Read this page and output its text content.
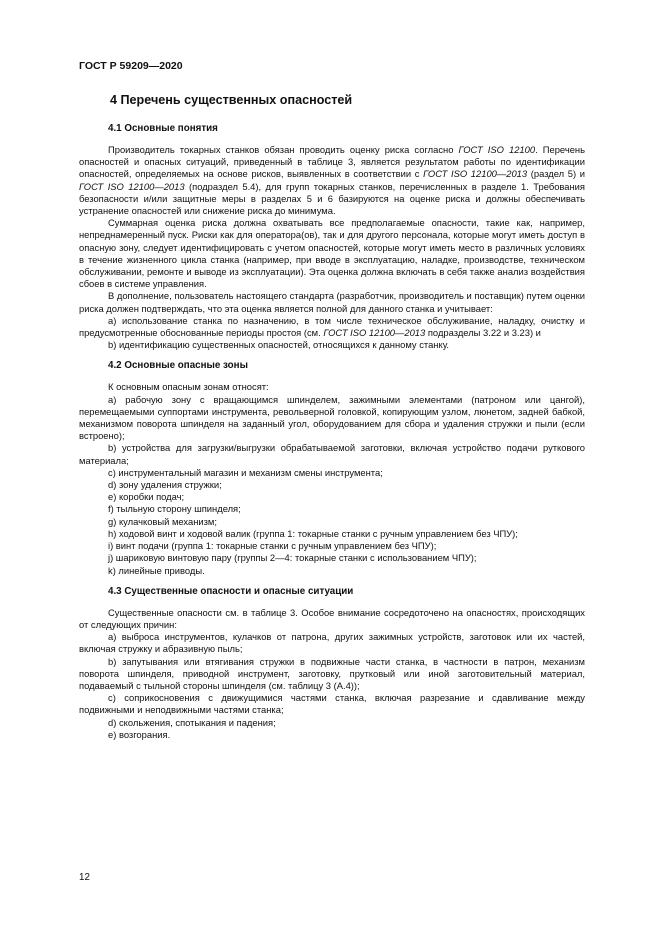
ГОСТ Р 59209—2020
4 Перечень существенных опасностей
4.1 Основные понятия

Производитель токарных станков обязан проводить оценку риска согласно ГОСТ ISO 12100. Перечень опасностей и опасных ситуаций, приведенный в таблице 3, является результатом работы по идентификации опасностей, определяемых на основе рисков, выявленных в соответствии с ГОСТ ISO 12100—2013 (раздел 5) и ГОСТ ISO 12100—2013 (подраздел 5.4), для групп токарных станков, перечисленных в разделе 1. Требования безопасности и/или защитные меры в разделах 5 и 6 базируются на оценке риска и должны обеспечивать устранение опасностей или снижение риска до минимума.

Суммарная оценка риска должна охватывать все предполагаемые опасности, такие как, например, непреднамеренный пуск. Риски как для оператора(ов), так и для другого персонала, которые могут иметь доступ в опасную зону, следует идентифицировать с учетом опасностей, которые могут иметь место в различных условиях в течение жизненного цикла станка (например, при вводе в эксплуатацию, наладке, производстве, техническом обслуживании, ремонте и выводе из эксплуатации). Эта оценка должна включать в себя также анализ воздействия сбоев в системе управления.

В дополнение, пользователь настоящего стандарта (разработчик, производитель и поставщик) путем оценки риска должен подтверждать, что эта оценка является полной для данного станка и учитывает:

a) использование станка по назначению, в том числе техническое обслуживание, наладку, очистку и предусмотренные обоснованные периоды простоя (см. ГОСТ ISO 12100—2013 подразделы 3.22 и 3.23) и

b) идентификацию существенных опасностей, относящихся к данному станку.

4.2 Основные опасные зоны

К основным опасным зонам относят:

a) рабочую зону с вращающимся шпинделем, зажимными элементами (патроном или цангой), перемещаемыми суппортами инструмента, револьверной головкой, копирующим узлом, люнетом, задней бабкой, механизмом поворота шпинделя на заданный угол, оборудованием для сбора и удаления стружки и пыли (если встроено);

b) устройства для загрузки/выгрузки обрабатываемой заготовки, включая устройство подачи руткового материала;

c) инструментальный магазин и механизм смены инструмента;

d) зону удаления стружки;

e) коробки подач;

f) тыльную сторону шпинделя;

g) кулачковый механизм;

h) ходовой винт и ходовой валик (группа 1: токарные станки с ручным управлением без ЧПУ);

i) винт подачи (группа 1: токарные станки с ручным управлением без ЧПУ);

j) шариковую винтовую пару (группы 2—4: токарные станки с использованием ЧПУ);

k) линейные приводы.

4.3 Существенные опасности и опасные ситуации

Существенные опасности см. в таблице 3. Особое внимание сосредоточено на опасностях, происходящих от следующих причин:

a) выброса инструментов, кулачков от патрона, других зажимных устройств, заготовок или их частей, включая стружку и абразивную пыль;

b) запутывания или втягивания стружки в подвижные части станка, в частности в патрон, механизм поворота шпинделя, приводной инструмент, заготовку, прутковый или иной заготовительный материал, подаваемый с тыльной стороны шпинделя (см. таблицу 3 (А.4));

c) соприкосновения с движущимися частями станка, включая разрезание и сдавливание между подвижными и неподвижными частями станка;

d) скольжения, спотыкания и падения;

e) возгорания.

12
